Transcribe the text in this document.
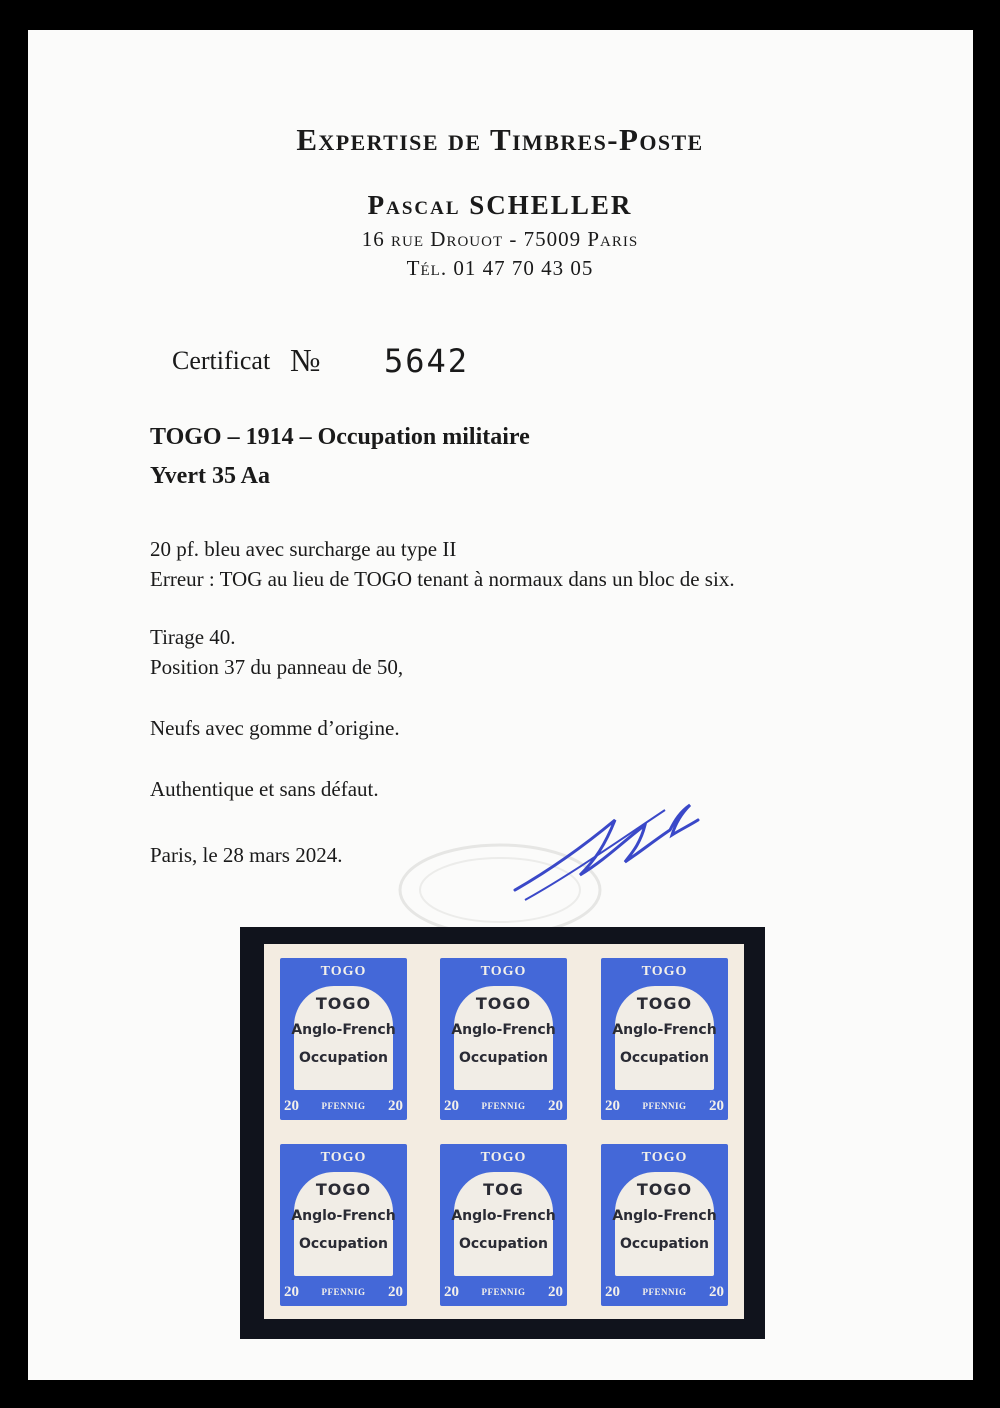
Expertise de Timbres-Poste
Pascal SCHELLER
16 rue Drouot - 75009 Paris
Tél. 01 47 70 43 05
Certificat № 5642
TOGO – 1914 – Occupation militaire
Yvert 35 Aa
20 pf. bleu avec surcharge au type II
Erreur : TOG au lieu de TOGO tenant à normaux dans un bloc de six.
Tirage 40.
Position 37 du panneau de 50,
Neufs avec gomme d’origine.
Authentique et sans défaut.
Paris, le 28 mars 2024.
TOGO
TOGO
Anglo-French
Occupation
20	PFENNIG 20
TOGO
TOGO
Anglo-French
Occupation
20	PFENNIG 20
TOGO
TOGO
Anglo-French
Occupation
20	PFENNIG 20
TOGO
TOGO
Anglo-French
Occupation
20	PFENNIG 20
TOGO
TOG
Anglo-French
Occupation
20	PFENNIG 20
TOGO
TOGO
Anglo-French
Occupation
20	PFENNIG 20
